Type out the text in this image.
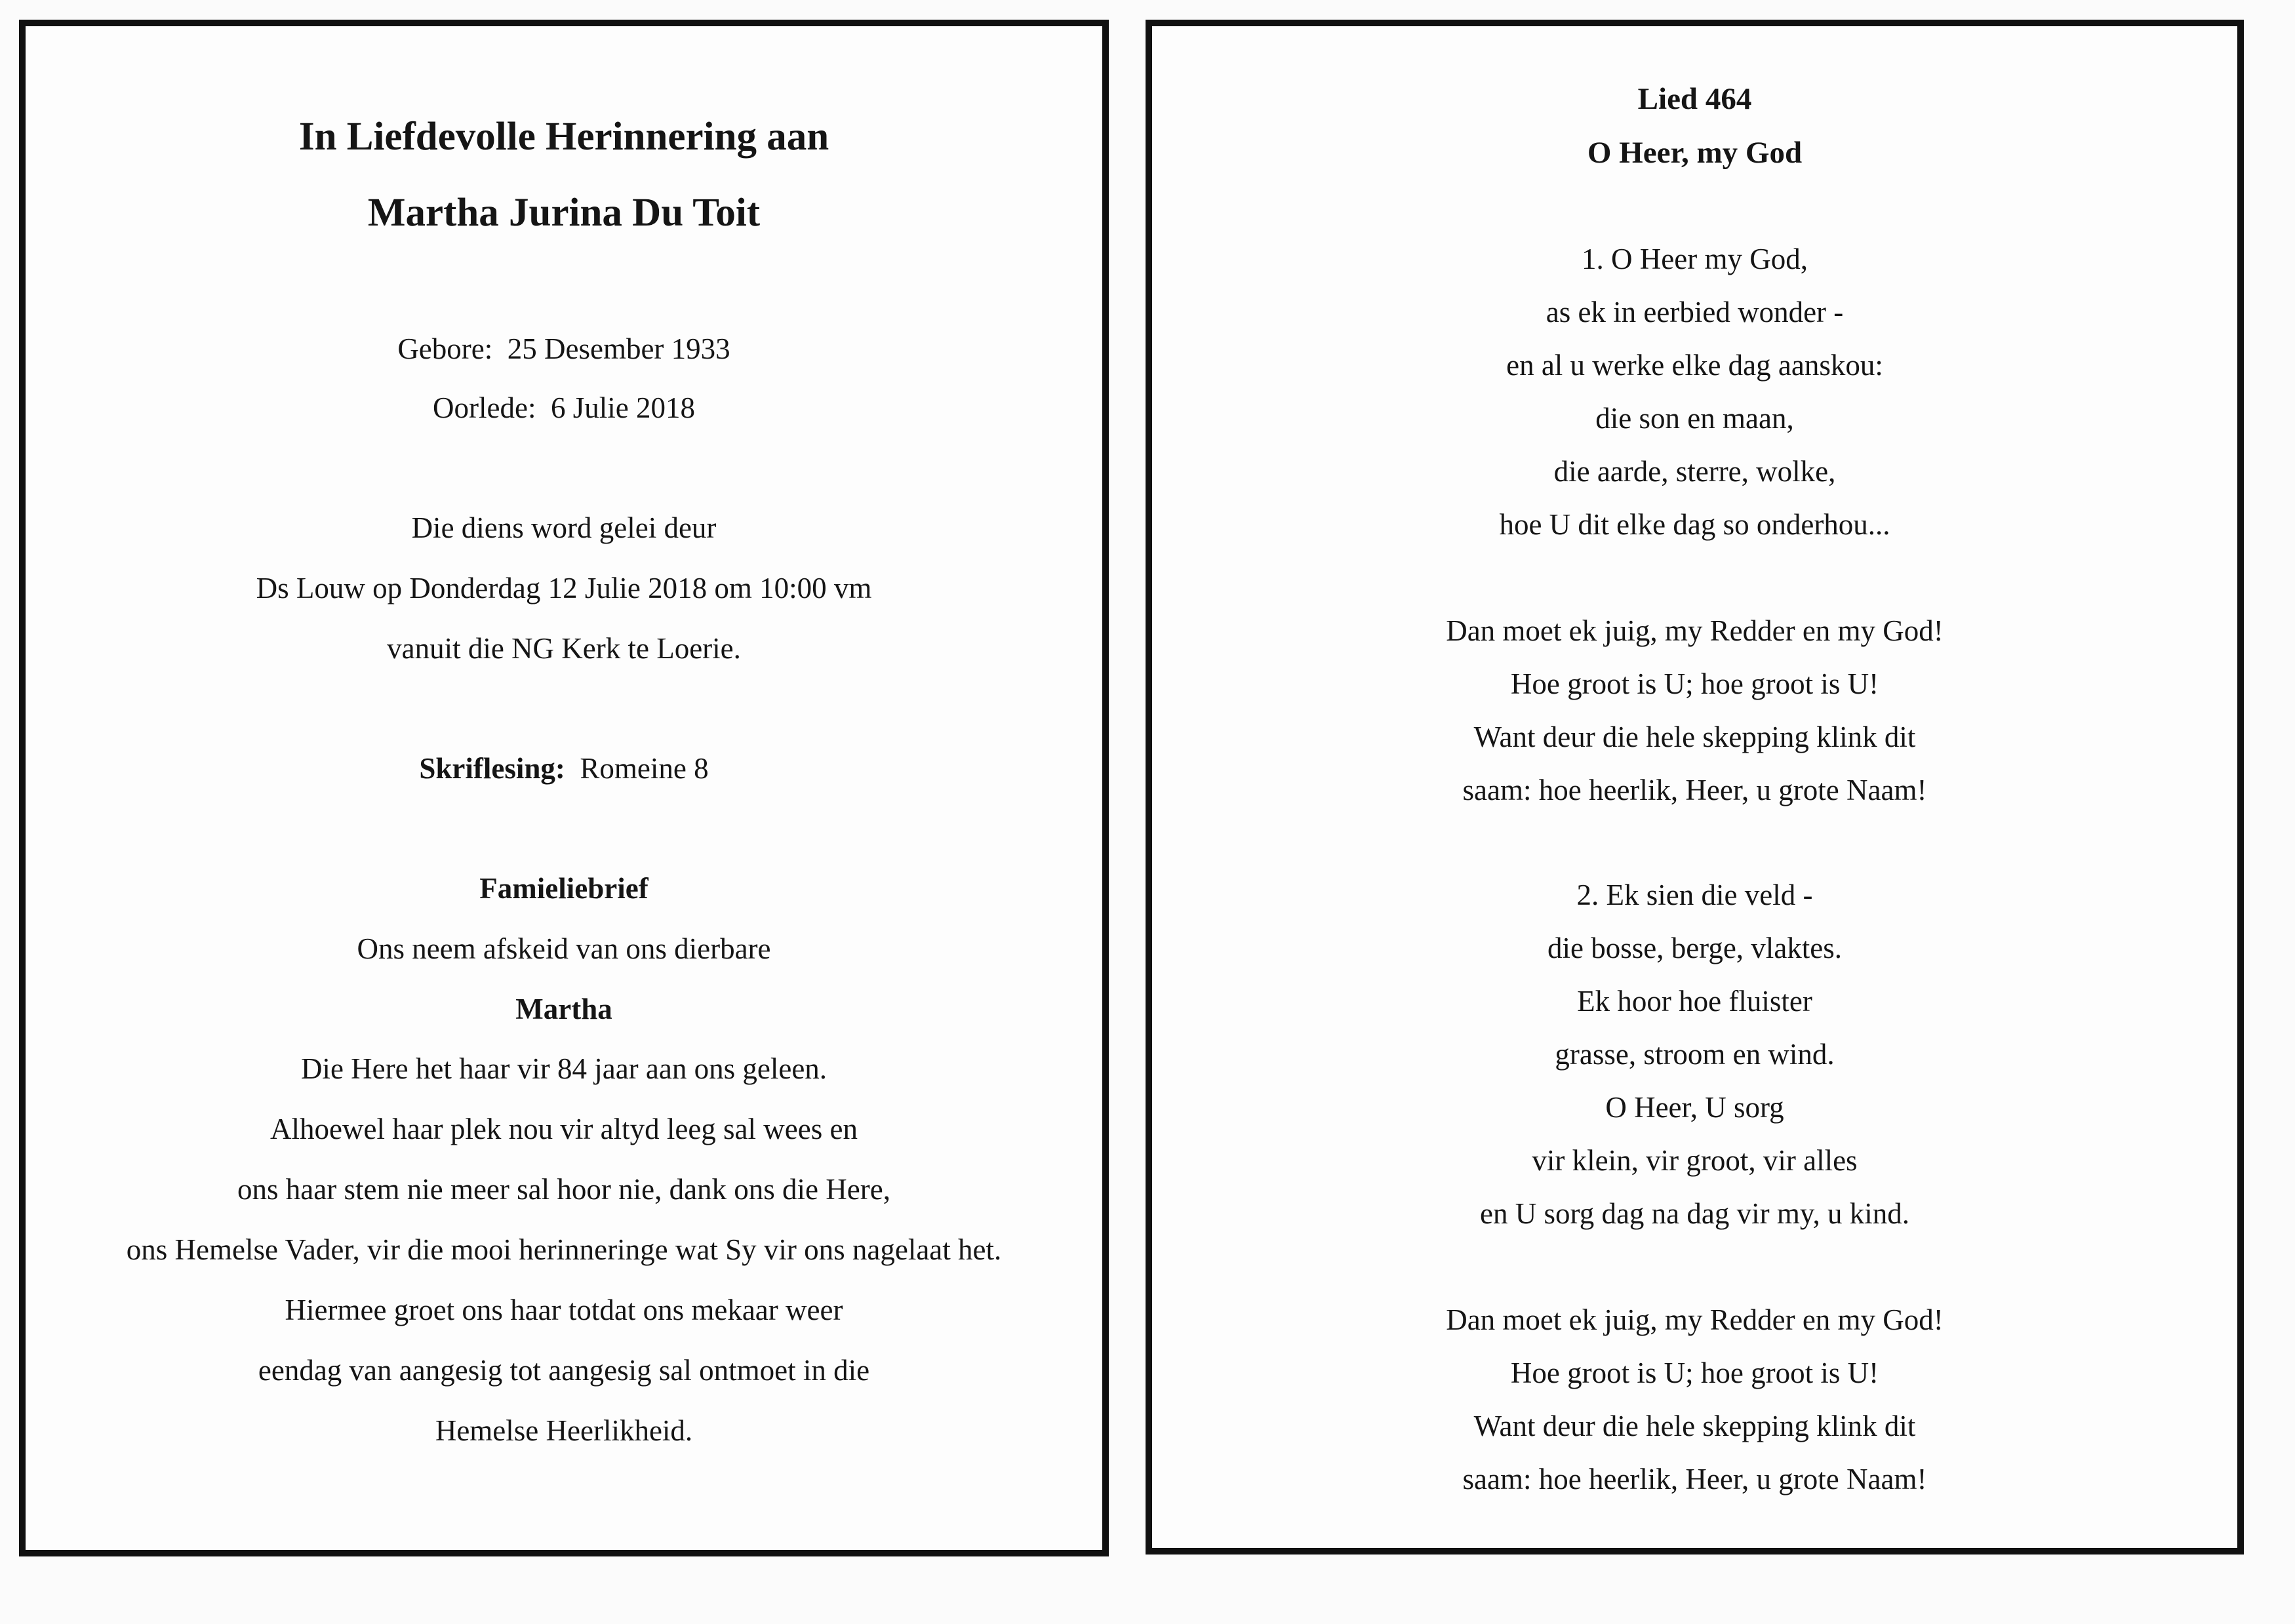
In Liefdevolle Herinnering aan
Martha Jurina Du Toit
Gebore: 25 Desember 1933
Oorlede: 6 Julie 2018
Die diens word gelei deur
Ds Louw op Donderdag 12 Julie 2018 om 10:00 vm
vanuit die NG Kerk te Loerie.
Skriflesing: Romeine 8
Famieliebrief
Ons neem afskeid van ons dierbare
Martha
Die Here het haar vir 84 jaar aan ons geleen.
Alhoewel haar plek nou vir altyd leeg sal wees en
ons haar stem nie meer sal hoor nie, dank ons die Here,
ons Hemelse Vader, vir die mooi herinneringe wat Sy vir ons nagelaat het.
Hiermee groet ons haar totdat ons mekaar weer
eendag van aangesig tot aangesig sal ontmoet in die
Hemelse Heerlikheid.
Lied 464
O Heer, my God
1. O Heer my God,
as ek in eerbied wonder -
en al u werke elke dag aanskou:
die son en maan,
die aarde, sterre, wolke,
hoe U dit elke dag so onderhou...
Dan moet ek juig, my Redder en my God!
Hoe groot is U; hoe groot is U!
Want deur die hele skepping klink dit
saam: hoe heerlik, Heer, u grote Naam!
2. Ek sien die veld -
die bosse, berge, vlaktes.
Ek hoor hoe fluister
grasse, stroom en wind.
O Heer, U sorg
vir klein, vir groot, vir alles
en U sorg dag na dag vir my, u kind.
Dan moet ek juig, my Redder en my God!
Hoe groot is U; hoe groot is U!
Want deur die hele skepping klink dit
saam: hoe heerlik, Heer, u grote Naam!
